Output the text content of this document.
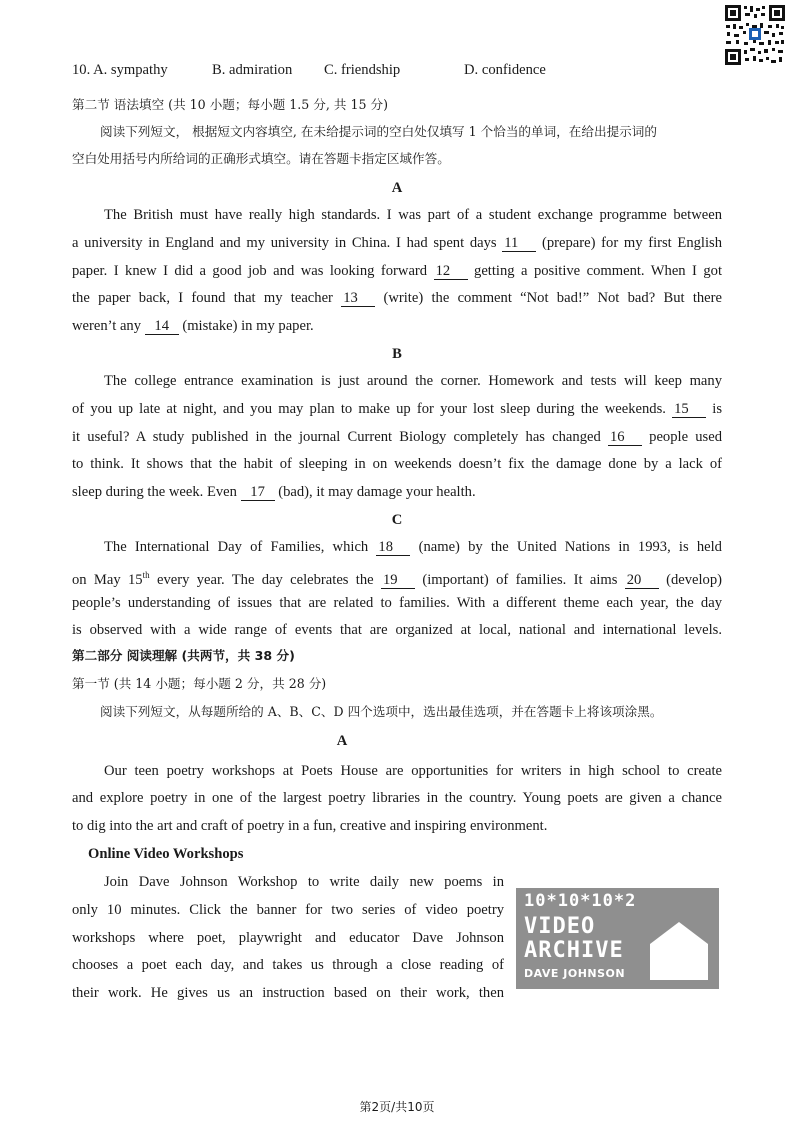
10. A. sympathy	B. admiration C. friendship	D. confidence
第二节 语法填空 (共 10 小题；每小题 1.5 分, 共 15 分)
阅读下列短文， 根据短文内容填空, 在未给提示词的空白处仅填写 1 个恰当的单词，在给出提示词的
空白处用括号内所给词的正确形式填空。请在答题卡指定区域作答。
A
The British must have really high standards. I was part of a student exchange programme between
a university in England and my university in China. I had spent days 11 (prepare) for my first English
paper. I knew I did a good job and was looking forward 12 getting a positive comment. When I got
the paper back, I found that my teacher 13 (write) the comment “Not bad!” Not bad? But there
weren’t any 14 (mistake) in my paper.
B
The college entrance examination is just around the corner. Homework and tests will keep many
of you up late at night, and you may plan to make up for your lost sleep during the weekends. 15 is
it useful? A study published in the journal Current Biology completely has changed 16 people used
to think. It shows that the habit of sleeping in on weekends doesn’t fix the damage done by a lack of
sleep during the week. Even 17 (bad), it may damage your health.
C
The International Day of Families, which 18 (name) by the United Nations in 1993, is held
on May 15th every year. The day celebrates the 19 (important) of families. It aims 20 (develop)
people’s understanding of issues that are related to families. With a different theme each year, the day
is observed with a wide range of events that are organized at local, national and international levels.
第二部分 阅读理解 (共两节，共 38 分)
第一节 (共 14 小题；每小题 2 分，共 28 分)
阅读下列短文，从每题所给的 A、B、C、D 四个选项中，选出最佳选项，并在答题卡上将该项涂黑。
A
Our teen poetry workshops at Poets House are opportunities for writers in high school to create
and explore poetry in one of the largest poetry libraries in the country. Young poets are given a chance
to dig into the art and craft of poetry in a fun, creative and inspiring environment.
Online Video Workshops
Join Dave Johnson Workshop to write daily new poems in
only 10 minutes. Click the banner for two series of video poetry
workshops where poet, playwright and educator Dave Johnson
chooses a poet each day, and takes us through a close reading of
their work. He gives us an instruction based on their work, then
10*10*10*2
VIDEO
ARCHIVE
DAVE JOHNSON
第2页/共10页
